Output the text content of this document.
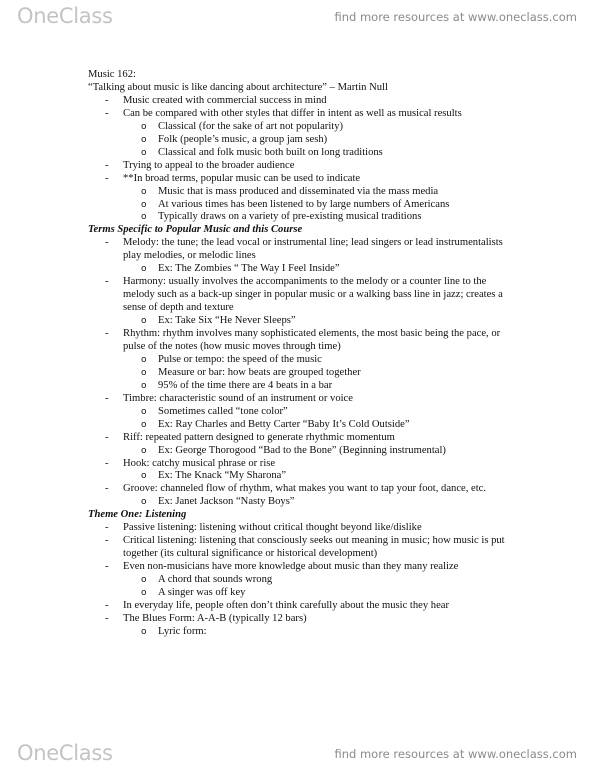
OneClass	find more resources at www.oneclass.com
Music 162:
“Talking about music is like dancing about architecture” – Martin Null
-
Music created with commercial success in mind
-
Can be compared with other styles that differ in intent as well as musical results
o
Classical (for the sake of art not popularity)
o
Folk (people’s music, a group jam sesh)
o
Classical and folk music both built on long traditions
-
Trying to appeal to the broader audience
-
**In broad terms, popular music can be used to indicate
o
Music that is mass produced and disseminated via the mass media
o
At various times has been listened to by large numbers of Americans
o
Typically draws on a variety of pre-existing musical traditions
Terms Specific to Popular Music and this Course
-
Melody: the tune; the lead vocal or instrumental line; lead singers or lead instrumentalists
play melodies, or melodic lines
o
Ex: The Zombies “ The Way I Feel Inside”
-
Harmony: usually involves the accompaniments to the melody or a counter line to the
melody such as a back-up singer in popular music or a walking bass line in jazz; creates a
sense of depth and texture
o
Ex: Take Six “He Never Sleeps”
-
Rhythm: rhythm involves many sophisticated elements, the most basic being the pace, or
pulse of the notes (how music moves through time)
o
Pulse or tempo: the speed of the music
o
Measure or bar: how beats are grouped together
o
95% of the time there are 4 beats in a bar
-
Timbre: characteristic sound of an instrument or voice
o
Sometimes called “tone color”
o
Ex: Ray Charles and Betty Carter “Baby It’s Cold Outside”
-
Riff: repeated pattern designed to generate rhythmic momentum
o
Ex: George Thorogood “Bad to the Bone” (Beginning instrumental)
-
Hook: catchy musical phrase or rise
o
Ex: The Knack “My Sharona”
-
Groove: channeled flow of rhythm, what makes you want to tap your foot, dance, etc.
o
Ex: Janet Jackson “Nasty Boys”
Theme One: Listening
-
Passive listening: listening without critical thought beyond like/dislike
-
Critical listening: listening that consciously seeks out meaning in music; how music is put
together (its cultural significance or historical development)
-
Even non-musicians have more knowledge about music than they many realize
o
A chord that sounds wrong
o
A singer was off key
-
In everyday life, people often don’t think carefully about the music they hear
-
The Blues Form: A-A-B (typically 12 bars)
o
Lyric form:
OneClass	find more resources at www.oneclass.com
